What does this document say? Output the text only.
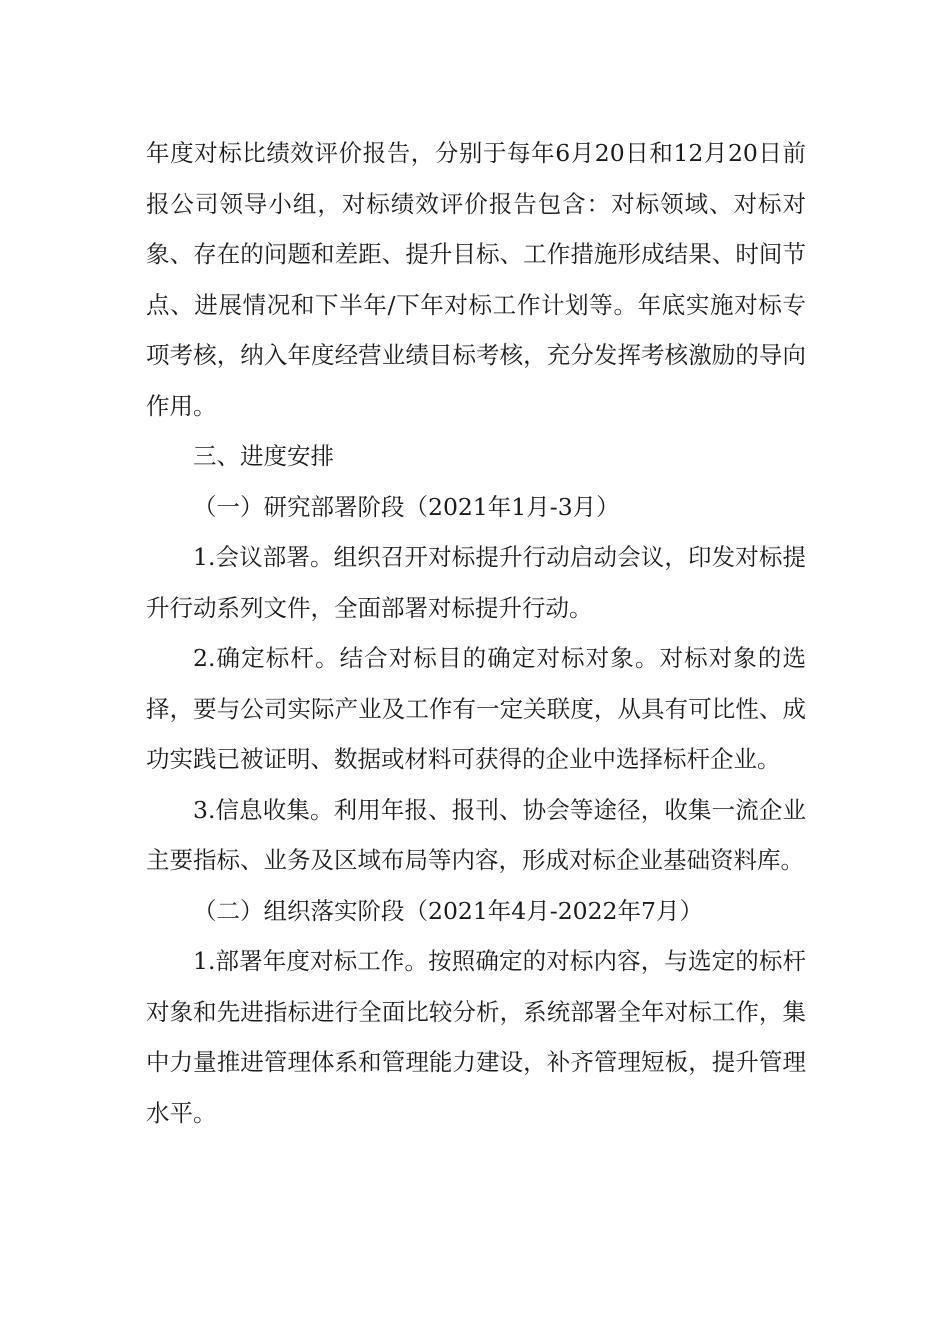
年度对标比绩效评价报告，分别于每年6月20日和12月20日前报公司领导小组，对标绩效评价报告包含：对标领域、对标对象、存在的问题和差距、提升目标、工作措施形成结果、时间节点、进展情况和下半年/下年对标工作计划等。年底实施对标专项考核，纳入年度经营业绩目标考核，充分发挥考核激励的导向作用。

三、进度安排

（一）研究部署阶段（2021年1月-3月）

1.会议部署。组织召开对标提升行动启动会议，印发对标提升行动系列文件，全面部署对标提升行动。

2.确定标杆。结合对标目的确定对标对象。对标对象的选择，要与公司实际产业及工作有一定关联度，从具有可比性、成功实践已被证明、数据或材料可获得的企业中选择标杆企业。

3.信息收集。利用年报、报刊、协会等途径，收集一流企业主要指标、业务及区域布局等内容，形成对标企业基础资料库。

（二）组织落实阶段（2021年4月-2022年7月）

1.部署年度对标工作。按照确定的对标内容，与选定的标杆对象和先进指标进行全面比较分析，系统部署全年对标工作，集中力量推进管理体系和管理能力建设，补齐管理短板，提升管理水平。
